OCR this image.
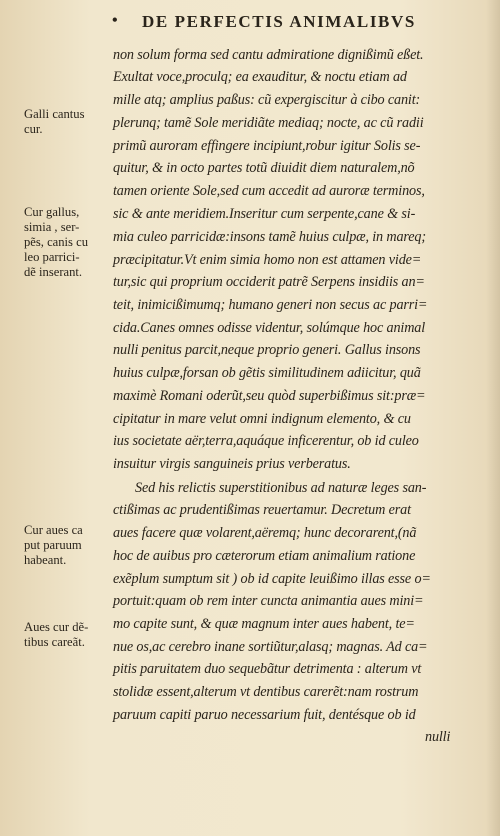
• DE PERFECTIS ANIMALIBVS
non solum forma sed cantu admiratione dignißimũ eßet.
Exultat voce,proculq; ea exauditur, & noctu etiam ad
mille atq; amplius paßus: cũ expergiscitur à cibo canit:
plerunq; tamẽ Sole meridiãte mediaq; nocte, ac cũ radii
primũ auroram effingere incipiunt,robur igitur Solis se-
quitur, & in octo partes totũ diuidit diem naturalem,nõ
tamen oriente Sole,sed cum accedit ad auroræ terminos,
sic & ante meridiem.Inseritur cum serpente,cane & si-
mia culeo parricidæ:insons tamẽ huius culpæ, in mareq;
præcipitatur.Vt enim simia homo non est attamen vide=
tur,sic qui proprium occiderit patrẽ Serpens insidiis an=
teit, inimicißimumq; humano generi non secus ac parri=
cida.Canes omnes odisse videntur, solúmque hoc animal
nulli penitus parcit,neque proprio generi. Gallus insons
huius culpæ,forsan ob gẽtis similitudinem adiicitur, quã
maximè Romani oderũt,seu quòd superbißimus sit:præ=
cipitatur in mare velut omni indignum elemento, & cu
ius societate aër,terra,aquáque inficerentur, ob id culeo
insuitur virgis sanguineis prius verberatus.
Sed his relictis superstitionibus ad naturæ leges san-
ctißimas ac prudentißimas reuertamur. Decretum erat
aues facere quæ volarent,aëremq; hunc decorarent,(nã
hoc de auibus pro cæterorum etiam animalium ratione
exẽplum sumptum sit ) ob id capite leuißimo illas esse o=
portuit:quam ob rem inter cuncta animantia aues mini=
mo capite sunt, & quæ magnum inter aues habent, te=
nue os,ac cerebro inane sortiũtur,alasq; magnas. Ad ca=
pitis paruitatem duo sequebãtur detrimenta : alterum vt
stolidæ essent,alterum vt dentibus carerẽt:nam rostrum
paruum capiti paruo necessarium fuit, dentésque ob id
nulli
Galli cantus
cur.
Cur gallus,
simia , ser-
pẽs, canis cu
leo parrici-
dẽ inserant.
Cur aues ca
put paruum
habeant.
Aues cur dẽ-
tibus careãt.
